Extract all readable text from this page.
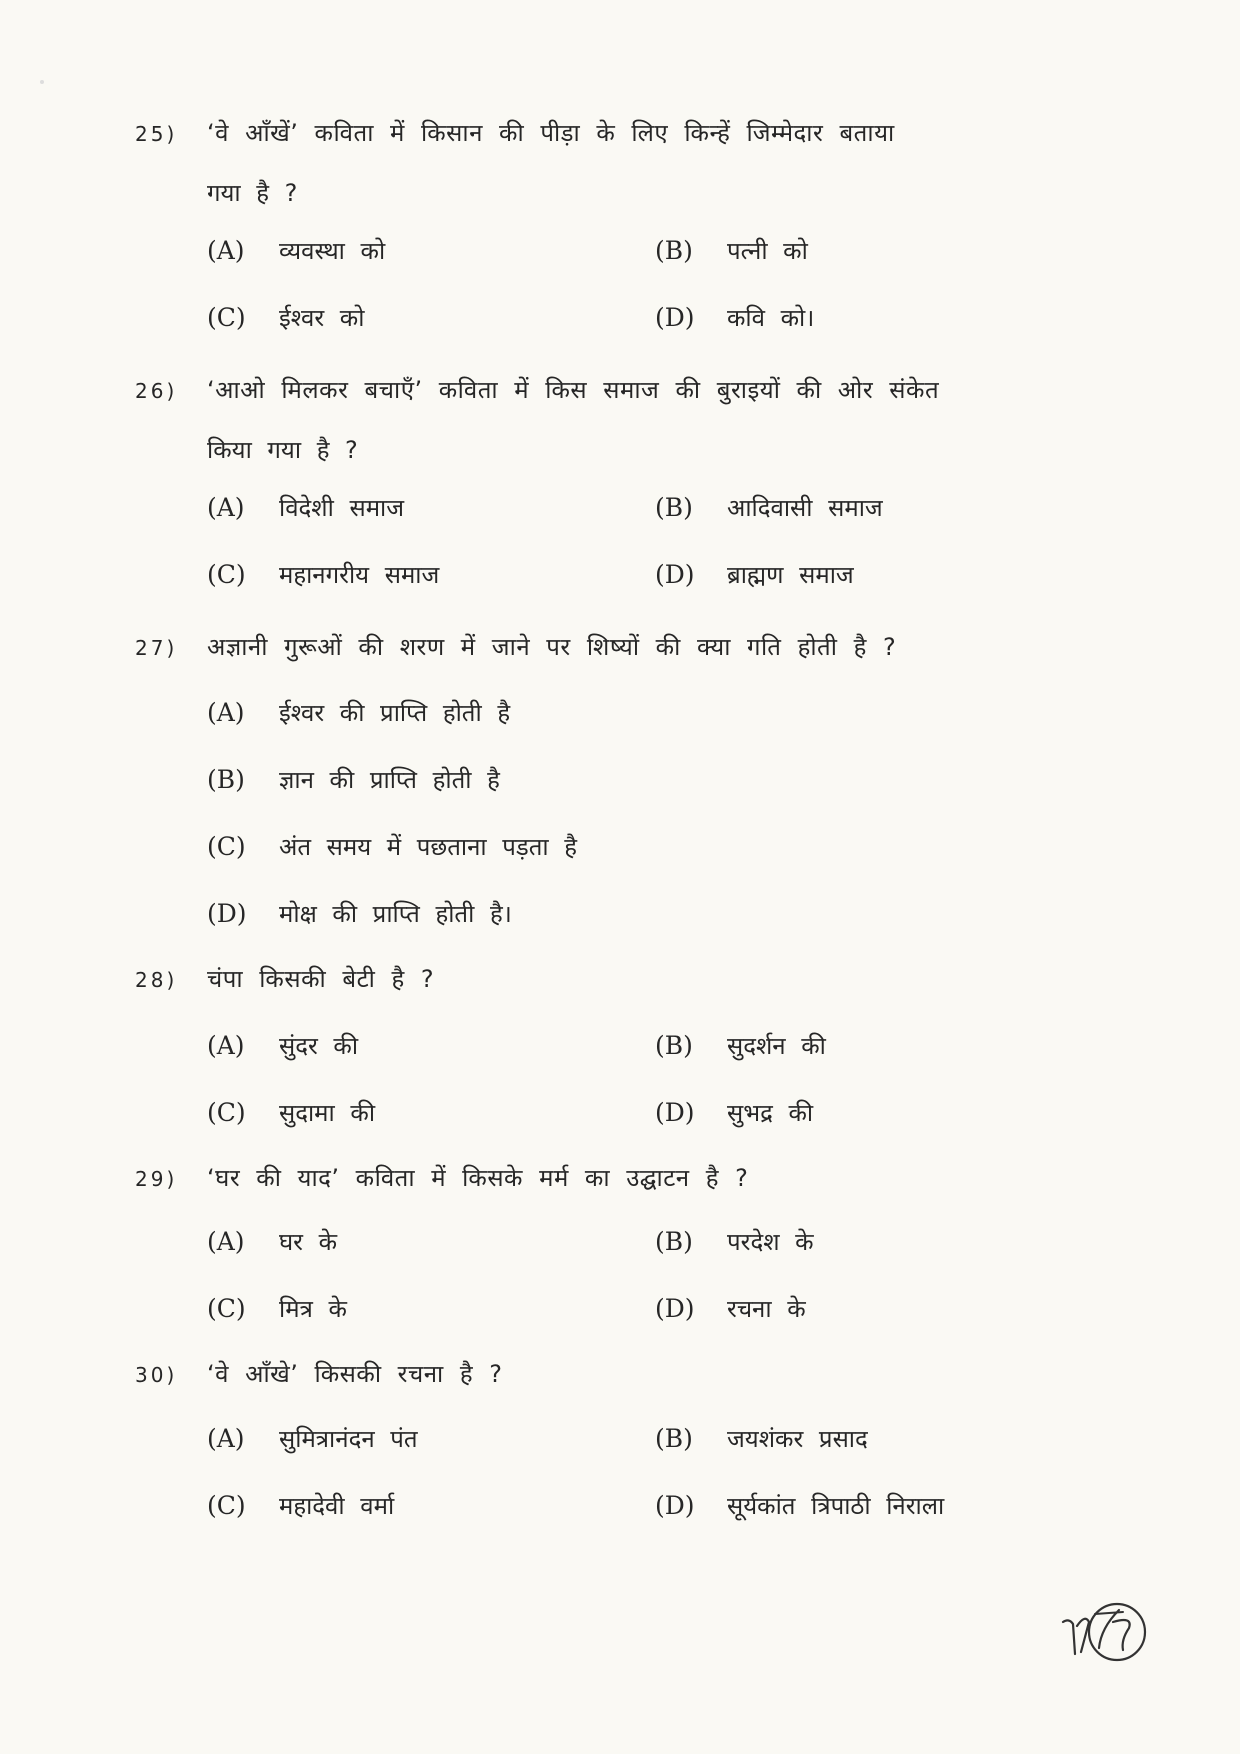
25) ‘वे आँखें’ कविता में किसान की पीड़ा के लिए किन्हें जिम्मेदार बताया
गया है ?
(A) व्यवस्था को	(B) पत्नी को
(C) ईश्वर को	(D) कवि को।
26) ‘आओ मिलकर बचाएँ’ कविता में किस समाज की बुराइयों की ओर संकेत
किया गया है ?
(A) विदेशी समाज	(B) आदिवासी समाज
(C) महानगरीय समाज	(D) ब्राह्मण समाज
27) अज्ञानी गुरूओं की शरण में जाने पर शिष्यों की क्या गति होती है ?
(A) ईश्वर की प्राप्ति होती है
(B) ज्ञान की प्राप्ति होती है
(C) अंत समय में पछताना पड़ता है
(D) मोक्ष की प्राप्ति होती है।
28) चंपा किसकी बेटी है ?
(A) सुंदर की	(B) सुदर्शन की
(C) सुदामा की	(D) सुभद्र की
29) ‘घर की याद’ कविता में किसके मर्म का उद्घाटन है ?
(A) घर के	(B) परदेश के
(C) मित्र के	(D) रचना के
30) ‘वे आँखे’ किसकी रचना है ?
(A) सुमित्रानंदन पंत	(B) जयशंकर प्रसाद
(C) महादेवी वर्मा	(D) सूर्यकांत त्रिपाठी निराला
